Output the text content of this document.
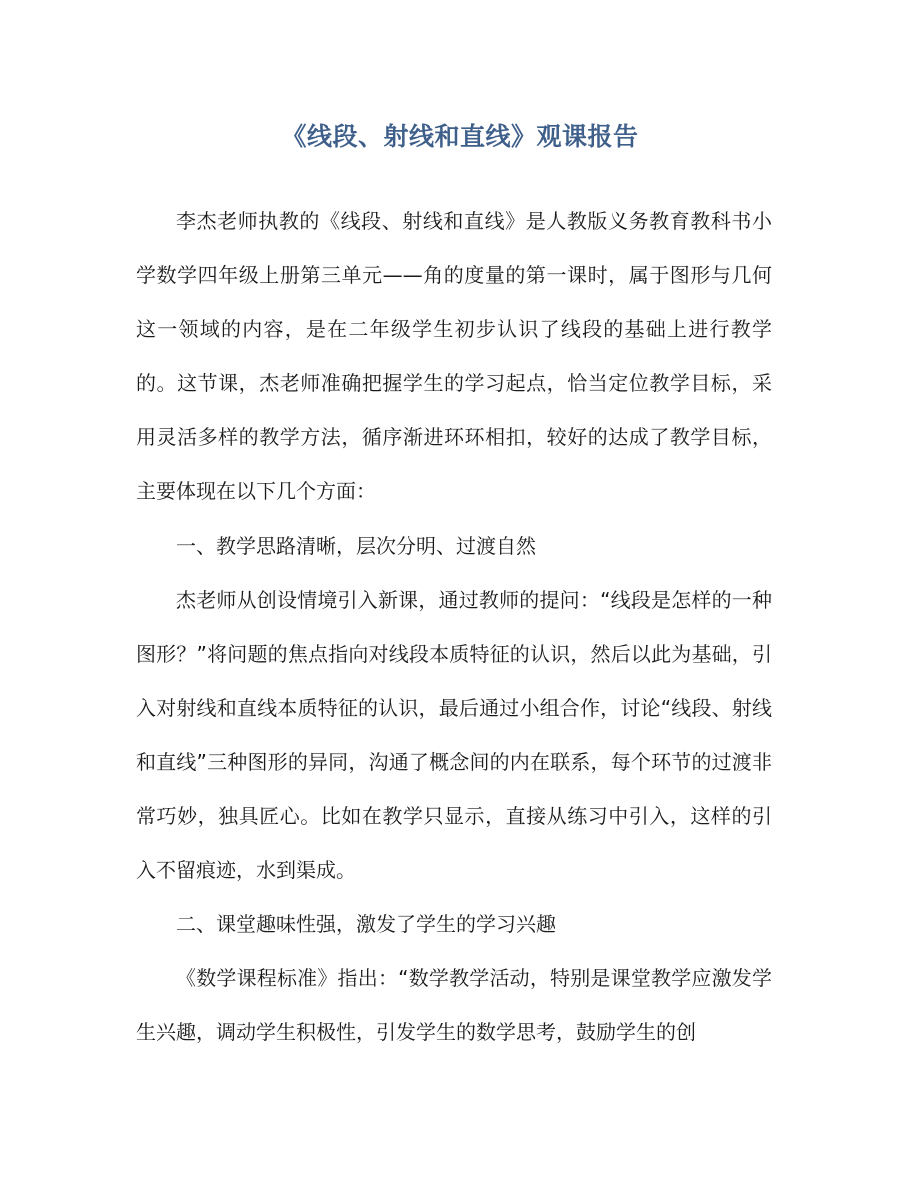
《线段、射线和直线》观课报告

李杰老师执教的《线段、射线和直线》是人教版义务教育教科书小学数学四年级上册第三单元——角的度量的第一课时，属于图形与几何这一领域的内容，是在二年级学生初步认识了线段的基础上进行教学的。这节课，杰老师准确把握学生的学习起点，恰当定位教学目标，采用灵活多样的教学方法，循序渐进环环相扣，较好的达成了教学目标，主要体现在以下几个方面：

一、教学思路清晰，层次分明、过渡自然

杰老师从创设情境引入新课，通过教师的提问：“线段是怎样的一种图形？”将问题的焦点指向对线段本质特征的认识，然后以此为基础，引入对射线和直线本质特征的认识，最后通过小组合作，讨论“线段、射线和直线”三种图形的异同，沟通了概念间的内在联系，每个环节的过渡非常巧妙，独具匠心。比如在教学只显示，直接从练习中引入，这样的引入不留痕迹，水到渠成。

二、课堂趣味性强，激发了学生的学习兴趣

《数学课程标准》指出：“数学教学活动，特别是课堂教学应激发学生兴趣，调动学生积极性，引发学生的数学思考，鼓励学生的创
